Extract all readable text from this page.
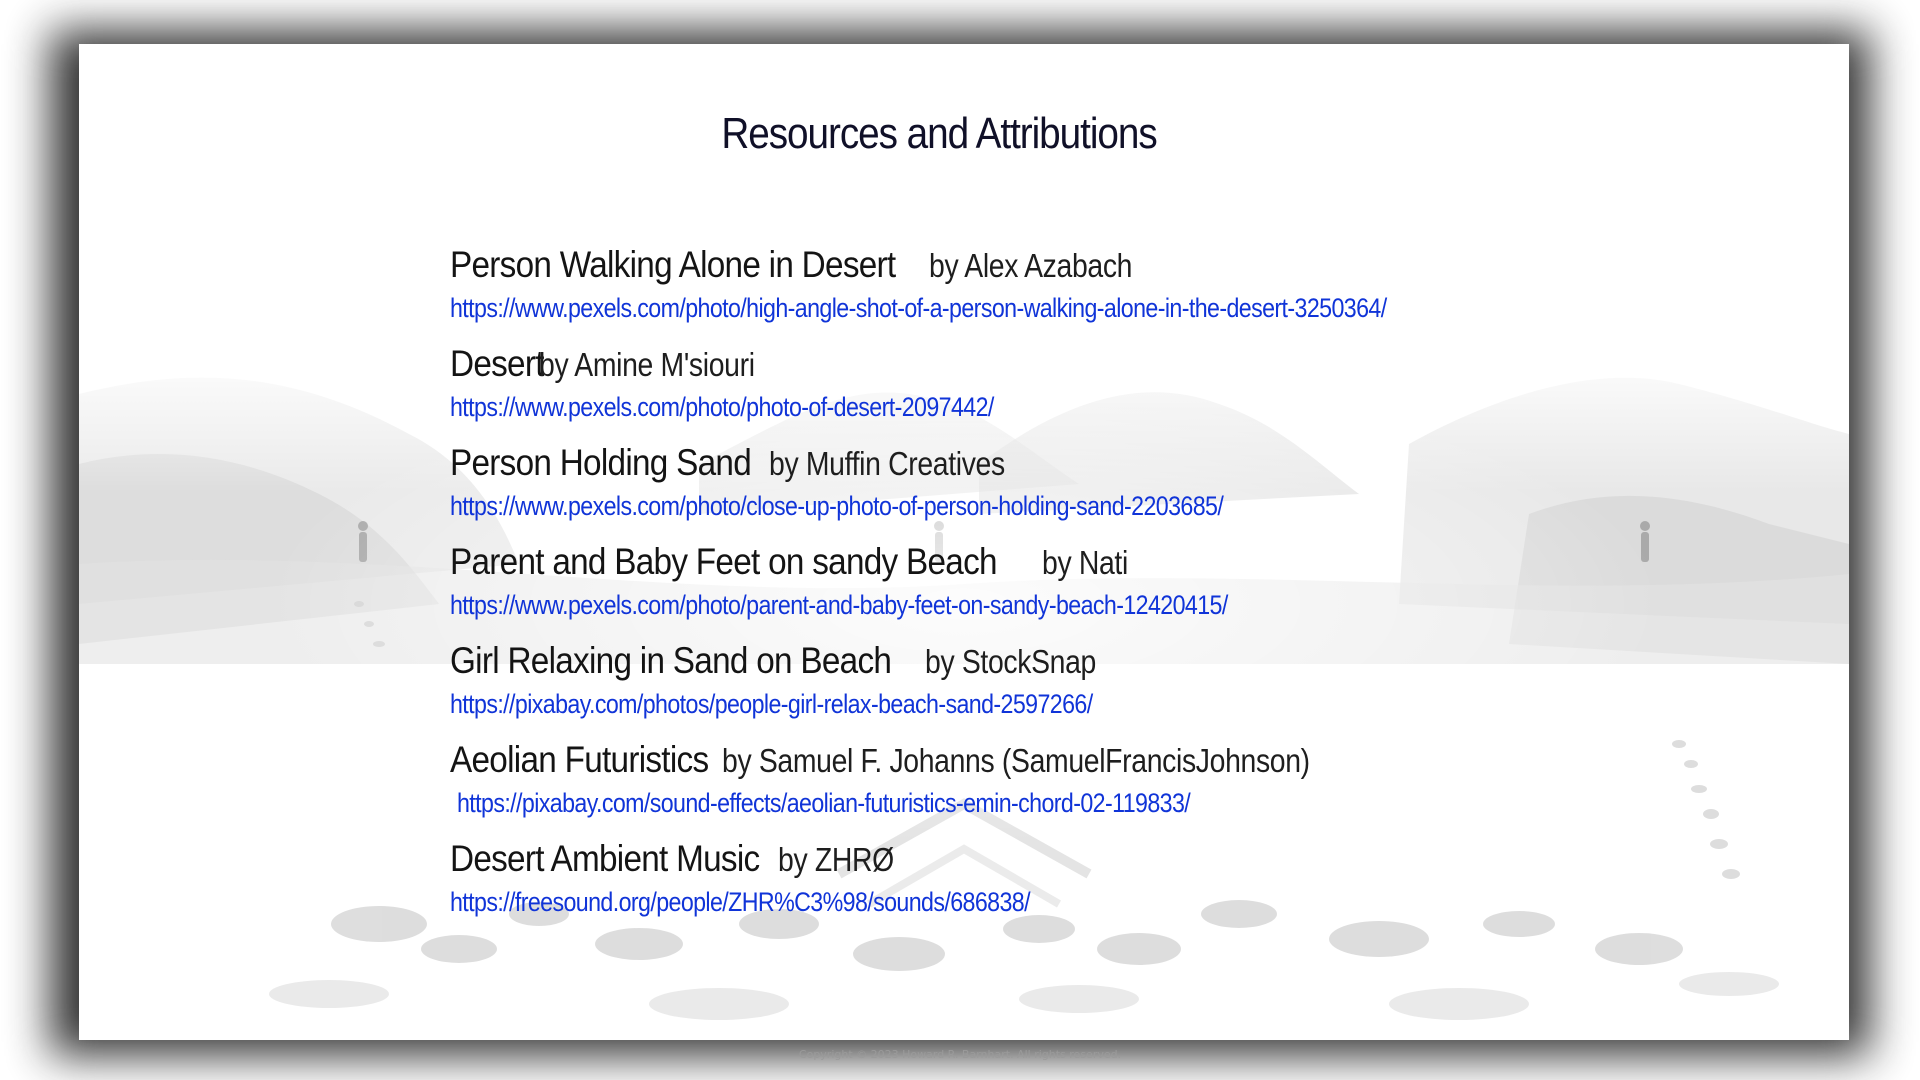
Resources and Attributions
Person Walking Alone in Desert by Alex Azabach
https://www.pexels.com/photo/high-angle-shot-of-a-person-walking-alone-in-the-desert-3250364/
Desert by Amine M'siouri
https://www.pexels.com/photo/photo-of-desert-2097442/
Person Holding Sand by Muffin Creatives
https://www.pexels.com/photo/close-up-photo-of-person-holding-sand-2203685/
Parent and Baby Feet on sandy Beach by Nati
https://www.pexels.com/photo/parent-and-baby-feet-on-sandy-beach-12420415/
Girl Relaxing in Sand on Beach by StockSnap
https://pixabay.com/photos/people-girl-relax-beach-sand-2597266/
Aeolian Futuristics by Samuel F. Johanns (SamuelFrancisJohnson)
https://pixabay.com/sound-effects/aeolian-futuristics-emin-chord-02-119833/
Desert Ambient Music by ZHRØ
https://freesound.org/people/ZHR%C3%98/sounds/686838/
Copyright © 2023 Howard R. Barnhart. All rights reserved.
